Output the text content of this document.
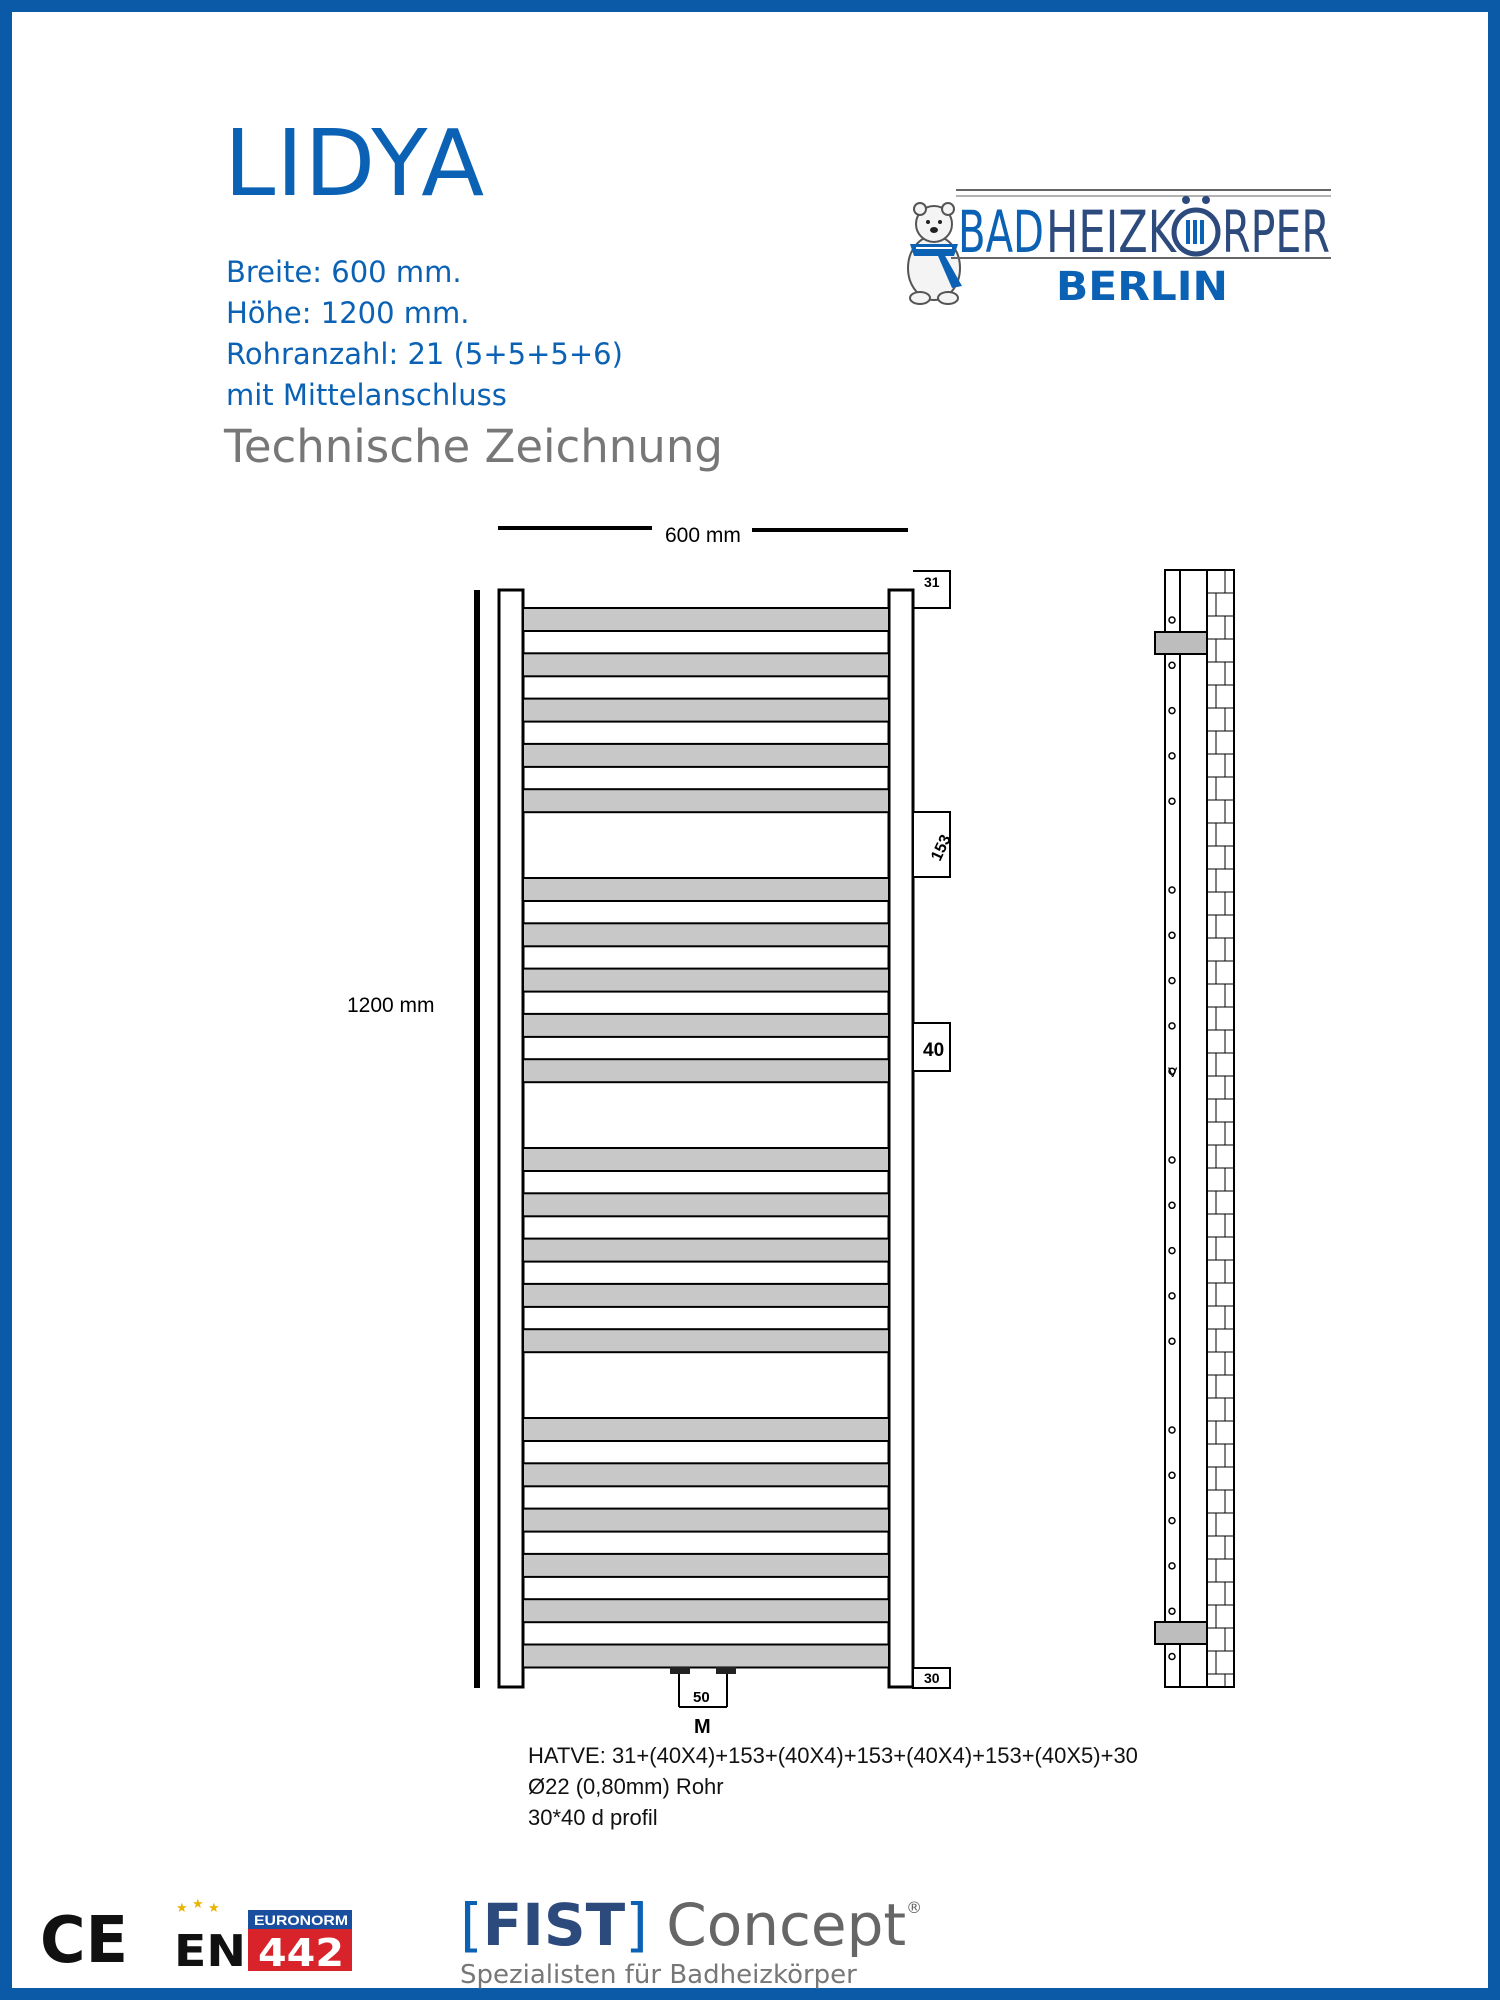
LIDYA
Breite: 600 mm.
Höhe: 1200 mm.
Rohranzahl: 21 (5+5+5+6)
mit Mittelanschluss
Technische Zeichnung
BAD HEIZK RPER
BERLIN
600 mm
1200 mm
31
153
40
30
50
M
V
HATVE: 31+(40X4)+153+(40X4)+153+(40X4)+153+(40X5)+30
Ø22 (0,80mm) Rohr
30*40 d profil
CE	★ ★ ★
EURONORM
EN 442 [FIST] Concept®
Spezialisten für Badheizkörper
